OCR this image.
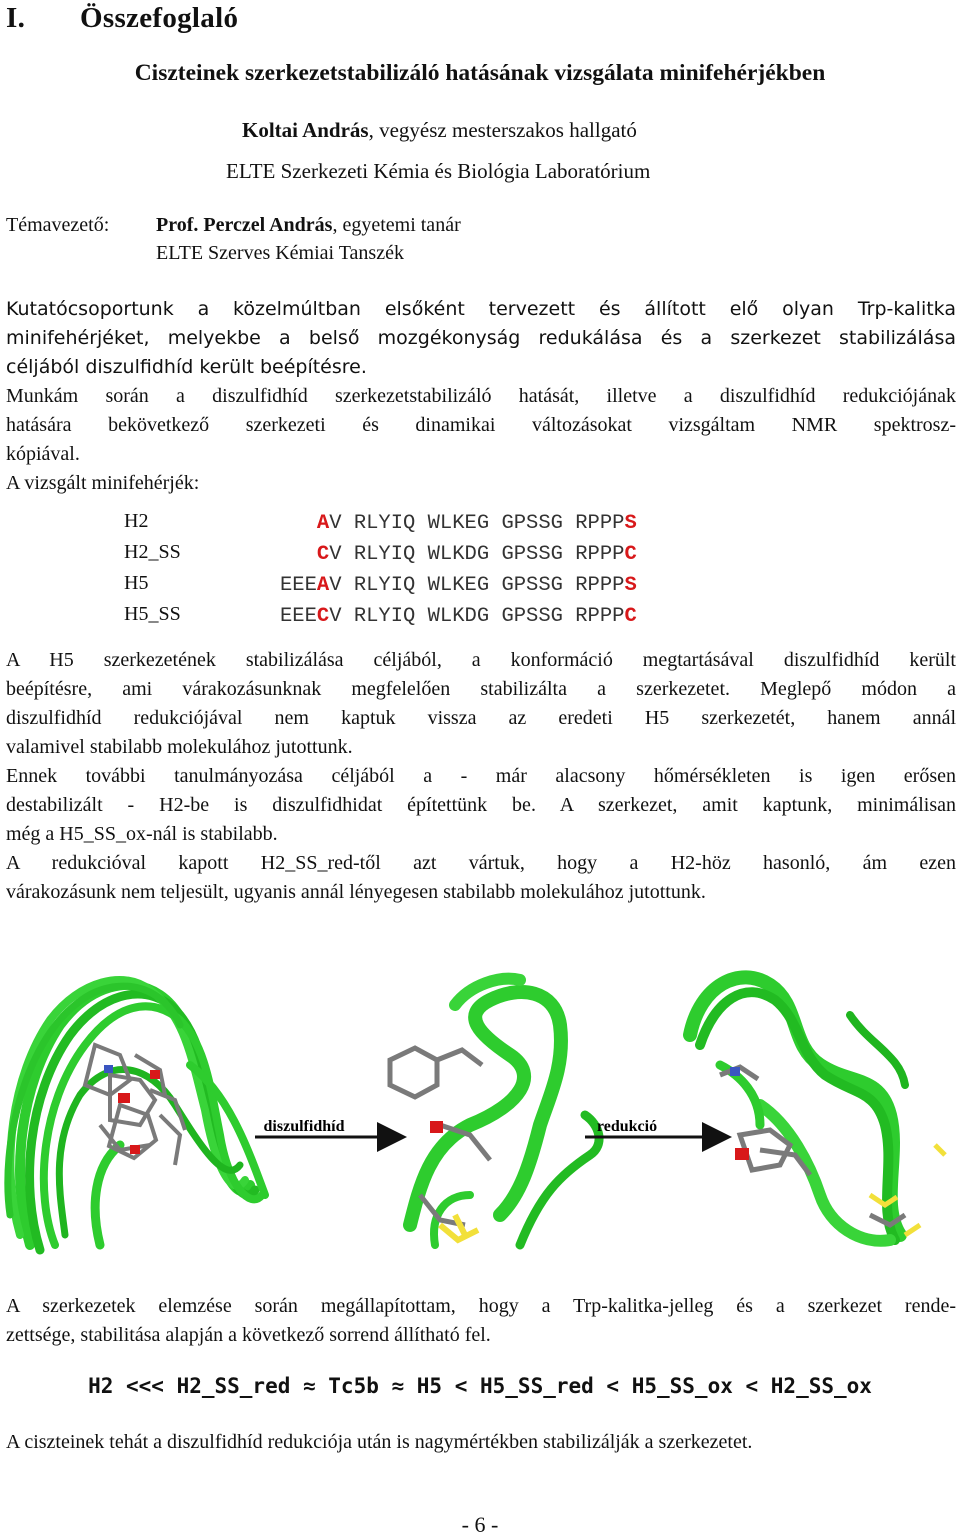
I. Összefoglaló
Ciszteinek szerkezetstabilizáló hatásának vizsgálata minifehérjékben
Koltai András, vegyész mesterszakos hallgató
ELTE Szerkezeti Kémia és Biológia Laboratórium
Témavezető: Prof. Perczel András, egyetemi tanár
ELTE Szerves Kémiai Tanszék
Kutatócsoportunk a közelmúltban elsőként tervezett és állított elő olyan Trp-kalitka
minifehérjéket, melyekbe a belső mozgékonyság redukálása és a szerkezet stabilizálása
céljából diszulfidhíd került beépítésre.
Munkám során a diszulfidhíd szerkezetstabilizáló hatását, illetve a diszulfidhíd redukciójának
hatására bekövetkező szerkezeti és dinamikai változásokat vizsgáltam NMR spektrosz-
kópiával.
A vizsgált minifehérjék:
H2	AV RLYIQ WLKEG GPSSG RPPPS
H2_SS	CV RLYIQ WLKDG GPSSG RPPPC
H5	EEEAV RLYIQ WLKEG GPSSG RPPPS
H5_SS	EEECV RLYIQ WLKDG GPSSG RPPPC
A H5 szerkezetének stabilizálása céljából, a konformáció megtartásával diszulfidhíd került
beépítésre, ami várakozásunknak megfelelően stabilizálta a szerkezetet. Meglepő módon a
diszulfidhíd redukciójával nem kaptuk vissza az eredeti H5 szerkezetét, hanem annál
valamivel stabilabb molekulához jutottunk.
Ennek további tanulmányozása céljából a - már alacsony hőmérsékleten is igen erősen
destabilizált - H2-be is diszulfidhidat építettünk be. A szerkezet, amit kaptunk, minimálisan
még a H5_SS_ox-nál is stabilabb.
A redukcióval kapott H2_SS_red-től azt vártuk, hogy a H2-höz hasonló, ám ezen
várakozásunk nem teljesült, ugyanis annál lényegesen stabilabb molekulához jutottunk.
diszulfidhíd	redukció
A szerkezetek elemzése során megállapítottam, hogy a Trp-kalitka-jelleg és a szerkezet rende-
zettsége, stabilitása alapján a következő sorrend állítható fel.
H2 <<< H2_SS_red ≈ Tc5b ≈ H5 < H5_SS_red < H5_SS_ox < H2_SS_ox
A ciszteinek tehát a diszulfidhíd redukciója után is nagymértékben stabilizálják a szerkezetet.
- 6 -
